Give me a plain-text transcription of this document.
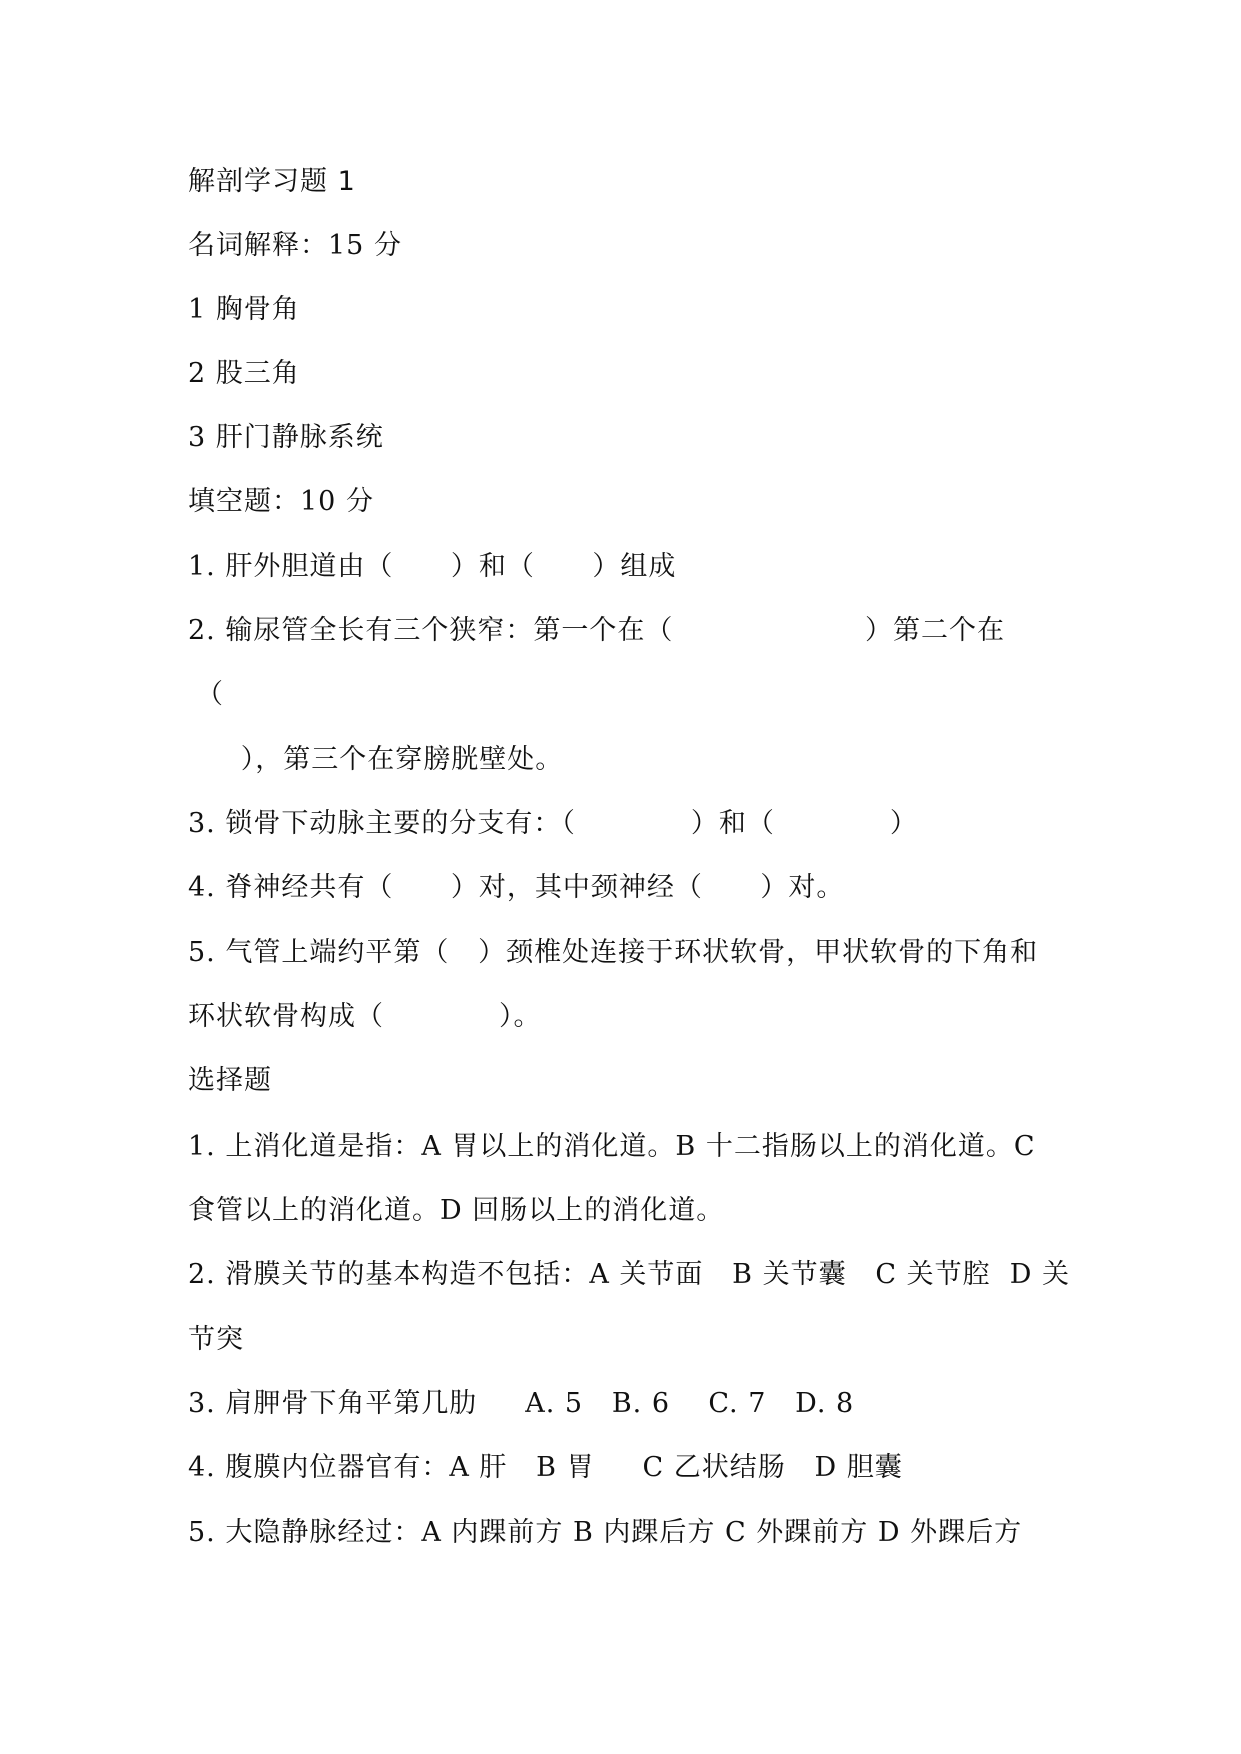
解剖学习题 1
名词解释：15 分
1 胸骨角
2 股三角
3 肝门静脉系统
填空题：10 分
1. 肝外胆道由（      ）和（      ）组成
2. 输尿管全长有三个狭窄：第一个在（                    ）第二个在
（
），第三个在穿膀胱壁处。
3. 锁骨下动脉主要的分支有：（            ）和（            ）
4. 脊神经共有（      ）对，其中颈神经（      ）对。
5. 气管上端约平第（   ）颈椎处连接于环状软骨，甲状软骨的下角和
环状软骨构成（            ）。
选择题
1. 上消化道是指：A 胃以上的消化道。B 十二指肠以上的消化道。C
食管以上的消化道。D 回肠以上的消化道。
2. 滑膜关节的基本构造不包括：A 关节面   B 关节囊   C 关节腔  D 关
节突
3. 肩胛骨下角平第几肋     A. 5   B. 6    C. 7   D. 8
4. 腹膜内位器官有：A 肝   B 胃     C 乙状结肠   D 胆囊
5. 大隐静脉经过：A 内踝前方 B 内踝后方 C 外踝前方 D 外踝后方
